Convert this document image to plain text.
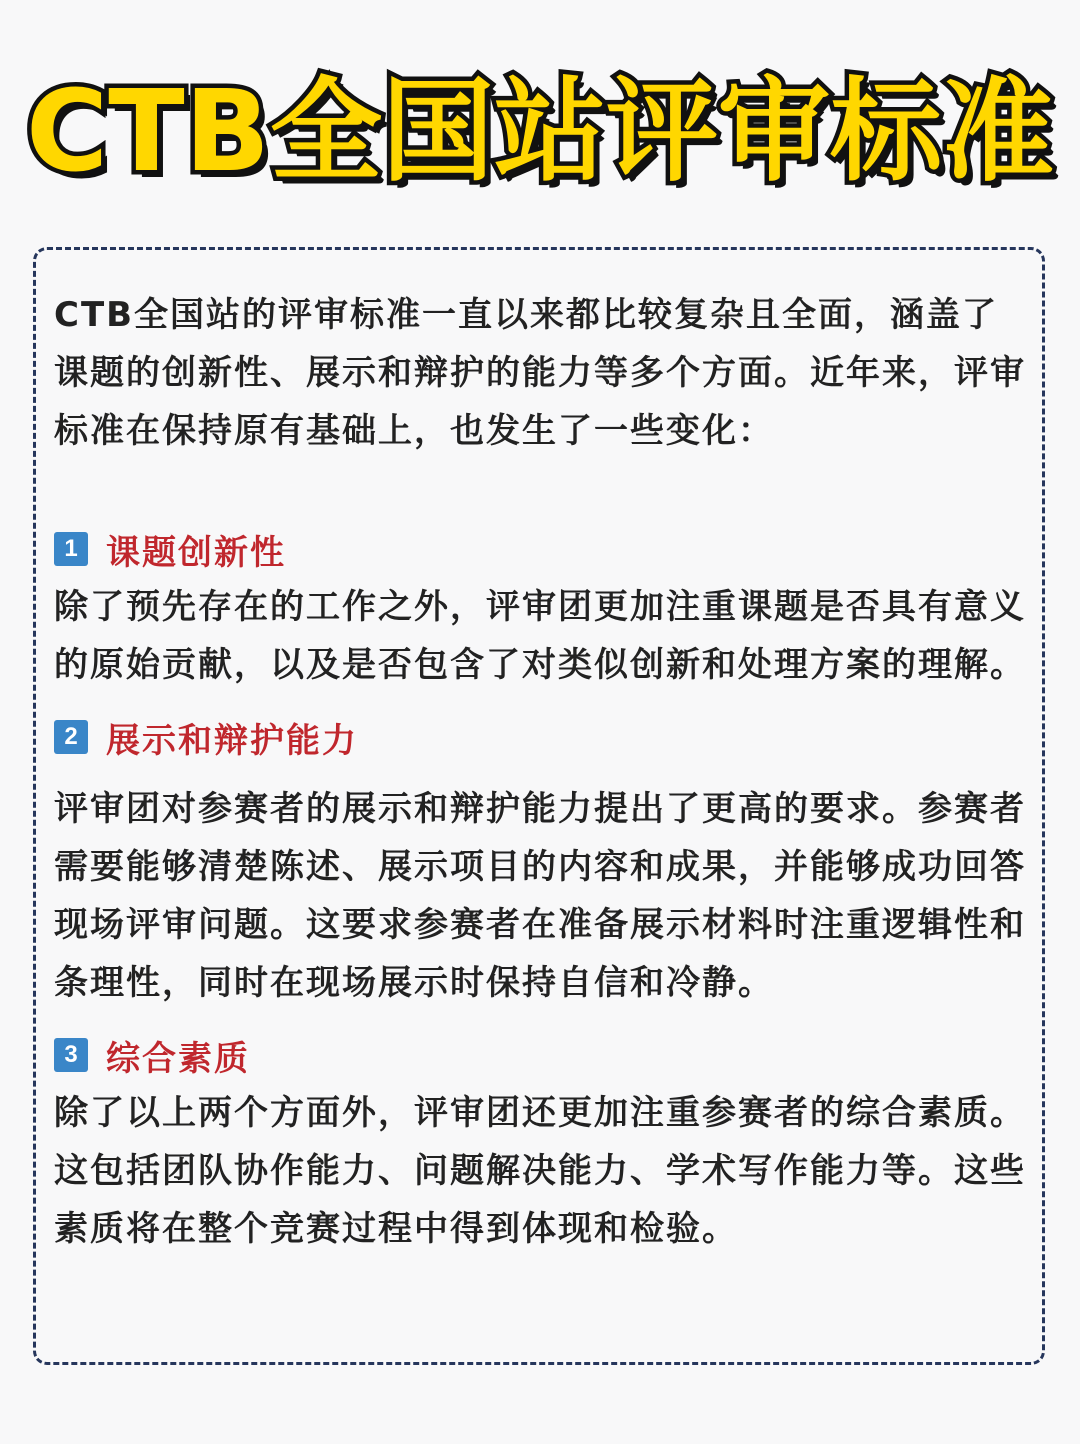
CTB全国站评审标准

CTB全国站的评审标准一直以来都比较复杂且全面，涵盖了课题的创新性、展示和辩护的能力等多个方面。近年来，评审标准在保持原有基础上，也发生了一些变化：

1 课题创新性

除了预先存在的工作之外，评审团更加注重课题是否具有意义的原始贡献，以及是否包含了对类似创新和处理方案的理解。

2 展示和辩护能力

评审团对参赛者的展示和辩护能力提出了更高的要求。参赛者需要能够清楚陈述、展示项目的内容和成果，并能够成功回答现场评审问题。这要求参赛者在准备展示材料时注重逻辑性和条理性，同时在现场展示时保持自信和冷静。

3 综合素质

除了以上两个方面外，评审团还更加注重参赛者的综合素质。这包括团队协作能力、问题解决能力、学术写作能力等。这些素质将在整个竞赛过程中得到体现和检验。
